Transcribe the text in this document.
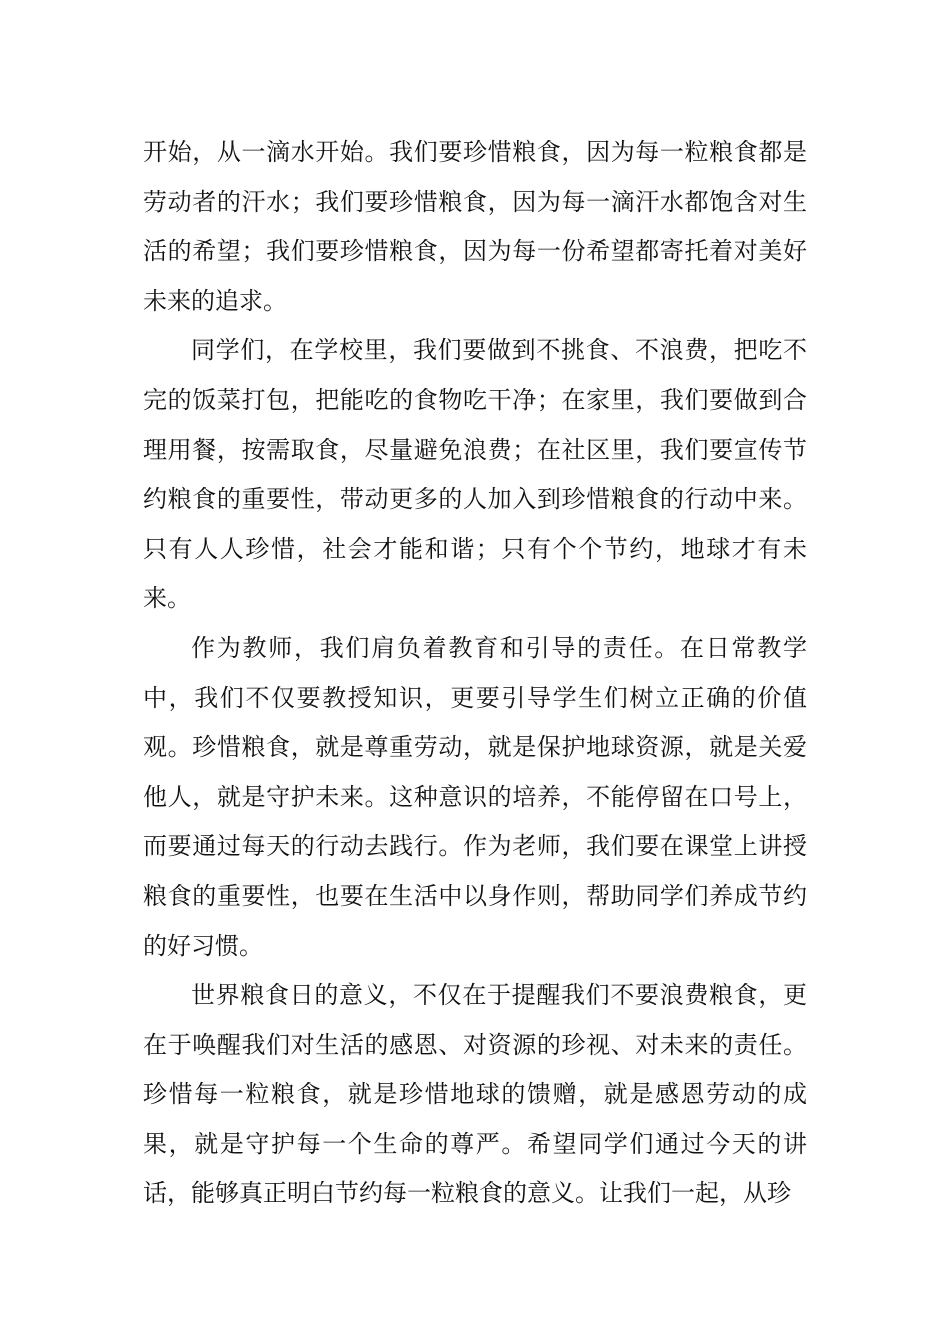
开始，从一滴水开始。我们要珍惜粮食，因为每一粒粮食都是劳动者的汗水；我们要珍惜粮食，因为每一滴汗水都饱含对生活的希望；我们要珍惜粮食，因为每一份希望都寄托着对美好未来的追求。

同学们，在学校里，我们要做到不挑食、不浪费，把吃不完的饭菜打包，把能吃的食物吃干净；在家里，我们要做到合理用餐，按需取食，尽量避免浪费；在社区里，我们要宣传节约粮食的重要性，带动更多的人加入到珍惜粮食的行动中来。只有人人珍惜，社会才能和谐；只有个个节约，地球才有未来。

作为教师，我们肩负着教育和引导的责任。在日常教学中，我们不仅要教授知识，更要引导学生们树立正确的价值观。珍惜粮食，就是尊重劳动，就是保护地球资源，就是关爱他人，就是守护未来。这种意识的培养，不能停留在口号上，而要通过每天的行动去践行。作为老师，我们要在课堂上讲授粮食的重要性，也要在生活中以身作则，帮助同学们养成节约的好习惯。

世界粮食日的意义，不仅在于提醒我们不要浪费粮食，更在于唤醒我们对生活的感恩、对资源的珍视、对未来的责任。珍惜每一粒粮食，就是珍惜地球的馈赠，就是感恩劳动的成果，就是守护每一个生命的尊严。希望同学们通过今天的讲话，能够真正明白节约每一粒粮食的意义。让我们一起，从珍
